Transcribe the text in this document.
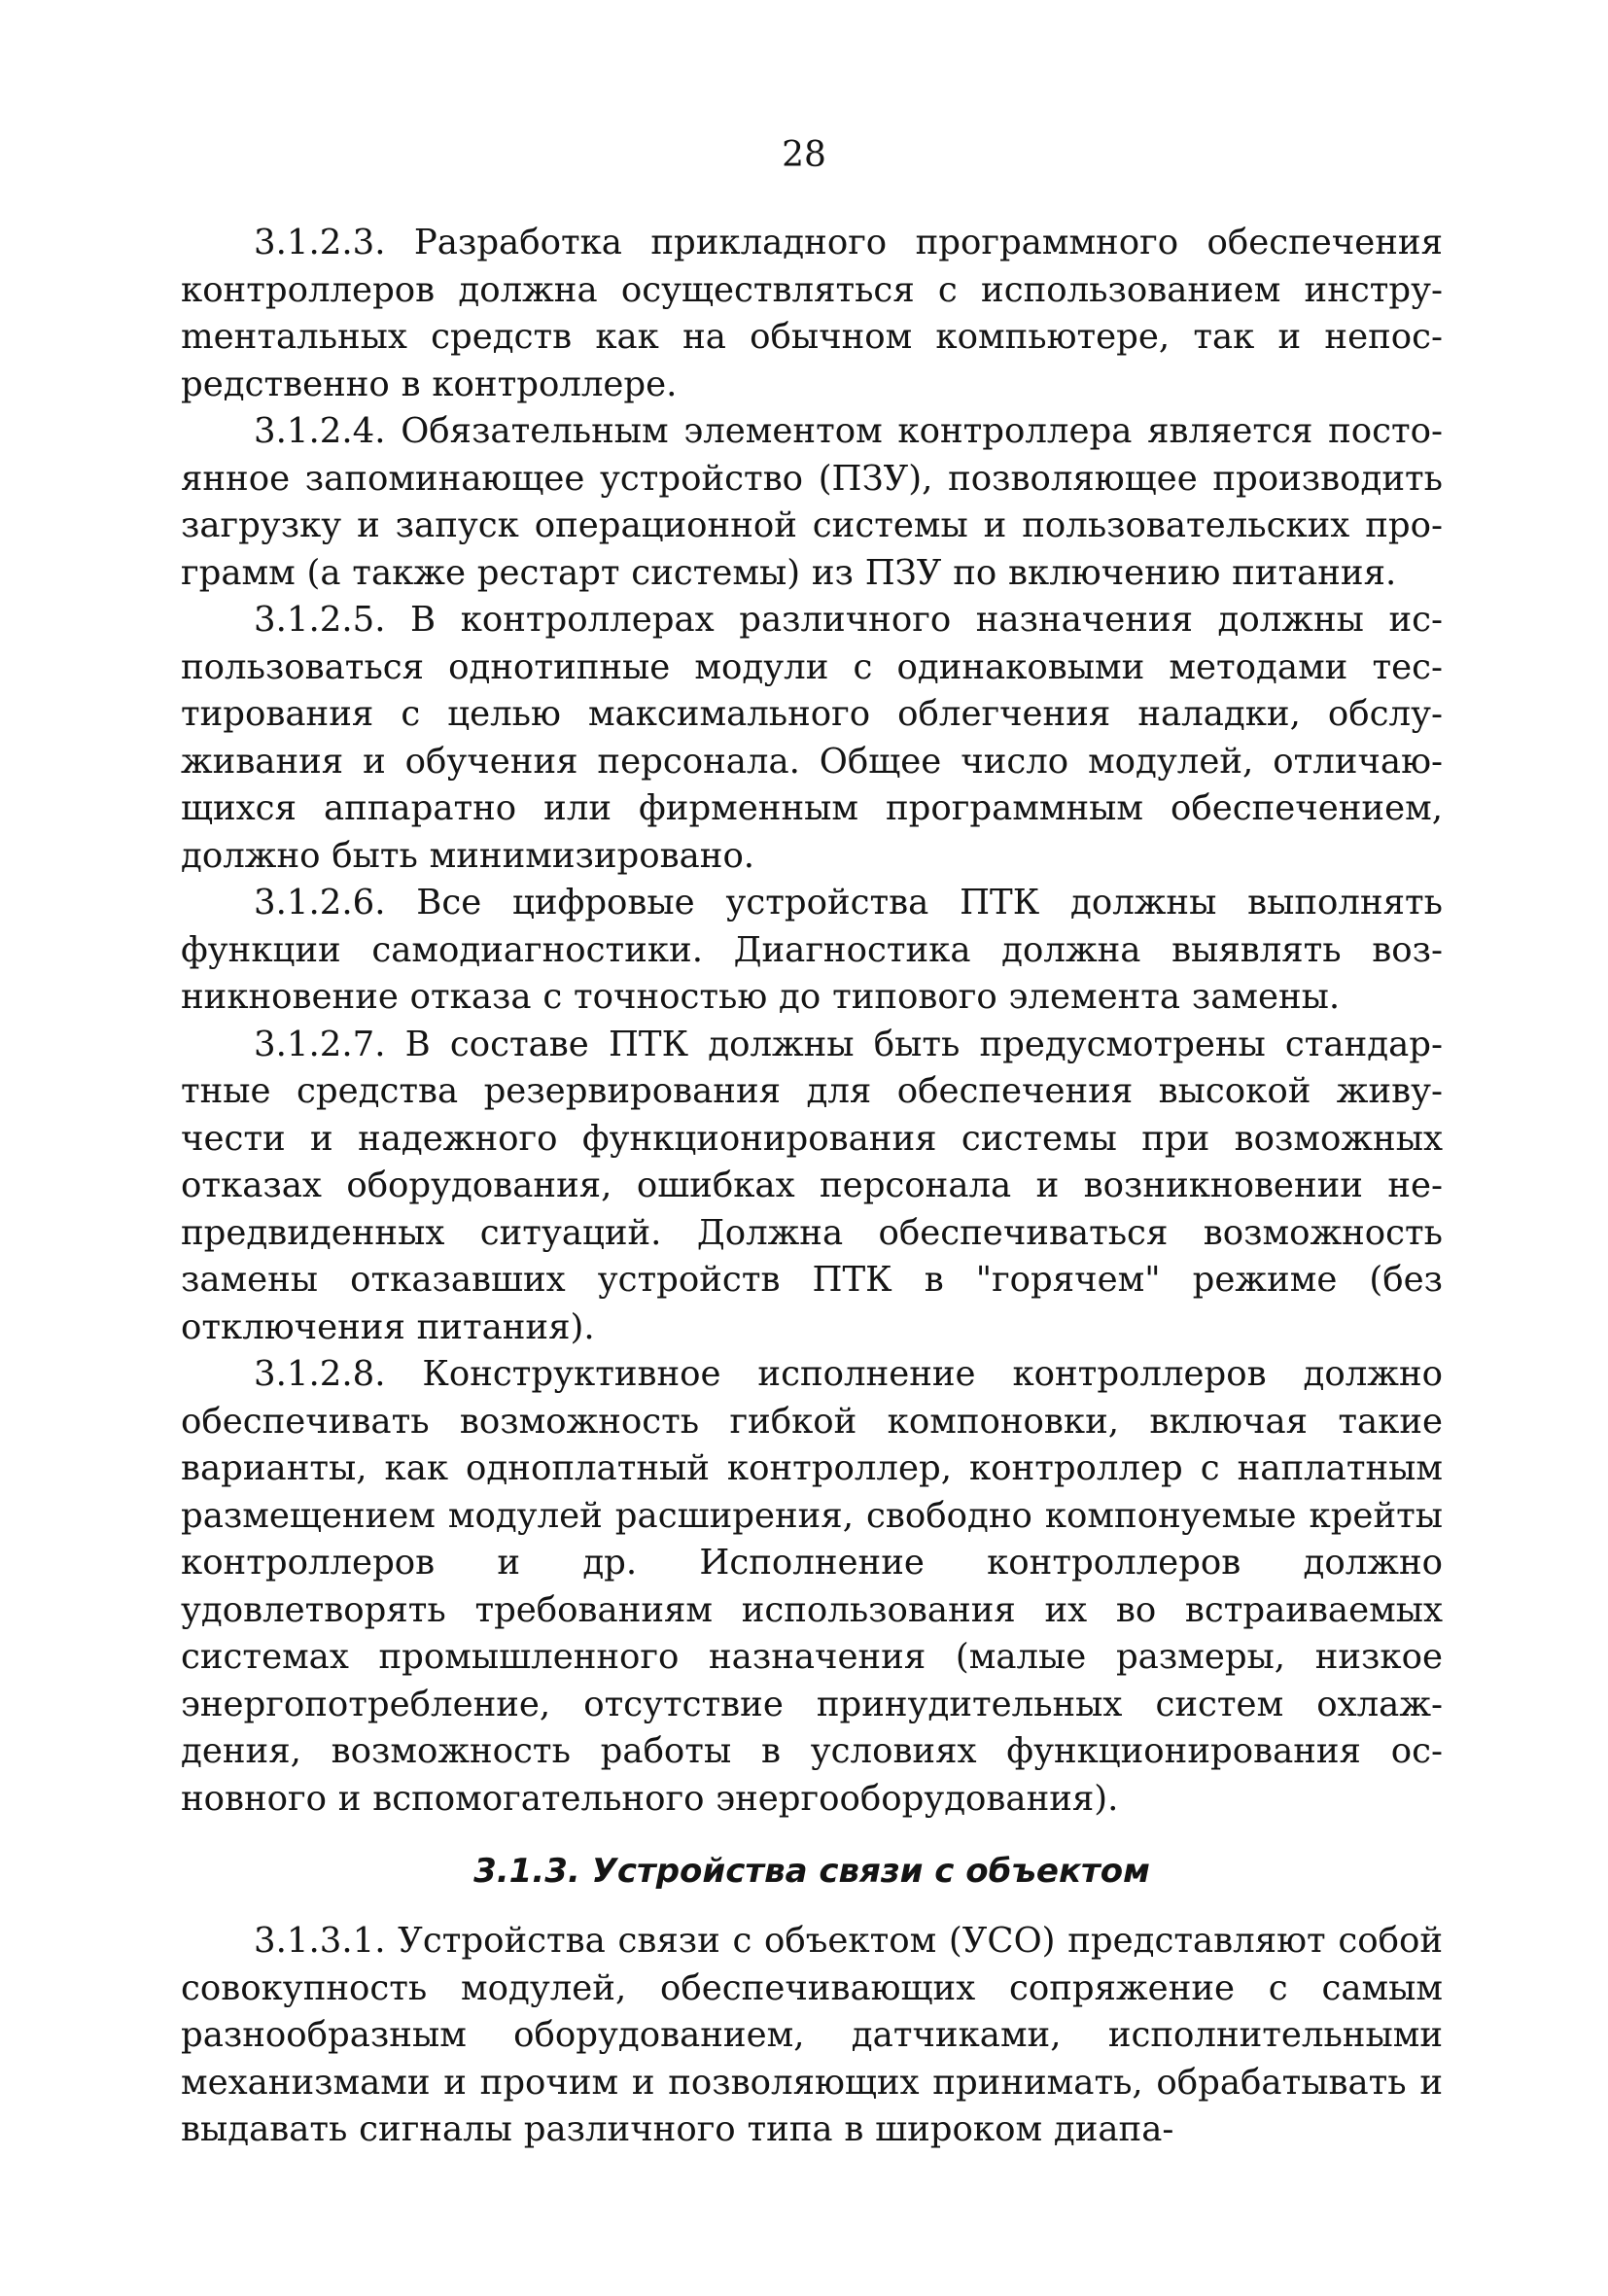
28

3.1.2.3. Разработка прикладного программного обеспечения контроллеров должна осуществляться с использованием инструmентальных средств как на обычном компьютере, так и непосредственно в контроллере.

3.1.2.4. Обязательным элементом контроллера является постоянное запоминающее устройство (ПЗУ), позволяющее производить загрузку и запуск операционной системы и пользовательских программ (а также рестарт системы) из ПЗУ по включению питания.

3.1.2.5. В контроллерах различного назначения должны использоваться однотипные модули с одинаковыми методами тестирования с целью максимального облегчения наладки, обслуживания и обучения персонала. Общее число модулей, отличающихся аппаратно или фирменным программным обеспечением, должно быть минимизировано.

3.1.2.6. Все цифровые устройства ПТК должны выполнять функции самодиагностики. Диагностика должна выявлять возникновение отказа с точностью до типового элемента замены.

3.1.2.7. В составе ПТК должны быть предусмотрены стандартные средства резервирования для обеспечения высокой живучести и надежного функционирования системы при возможных отказах оборудования, ошибках персонала и возникновении непредвиденных ситуаций. Должна обеспечиваться возможность замены отказавших устройств ПТК в "горячем" режиме (без отключения питания).

3.1.2.8. Конструктивное исполнение контроллеров должно обеспечивать возможность гибкой компоновки, включая такие варианты, как одноплатный контроллер, контроллер с наплатным размещением модулей расширения, свободно компонуемые крейты контроллеров и др. Исполнение контроллеров должно удовлетворять требованиям использования их во встраиваемых системах промышленного назначения (малые размеры, низкое энергопотребление, отсутствие принудительных систем охлаждения, возможность работы в условиях функционирования основного и вспомогательного энергооборудования).

3.1.3. Устройства связи с объектом

3.1.3.1. Устройства связи с объектом (УСО) представляют собой совокупность модулей, обеспечивающих сопряжение с самым разнообразным оборудованием, датчиками, исполнительными механизмами и прочим и позволяющих принимать, обрабатывать и выдавать сигналы различного типа в широком диапа-
